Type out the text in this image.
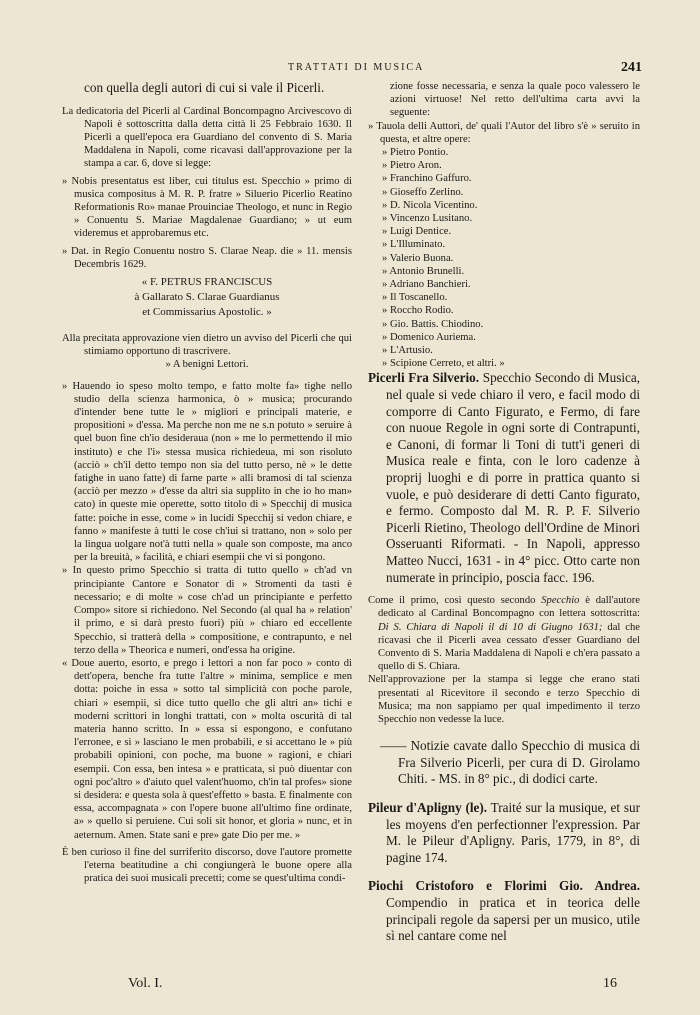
TRATTATI DI MUSICA	241

con quella degli autori di cui si vale il Picerli.

La dedicatoria del Picerli al Cardinal Boncompagno Arcivescovo di Napoli è sottoscritta dalla detta città li 25 Febbraio 1630. Il Picerli a quell'epoca era Guardiano del convento di S. Maria Maddalena in Napoli, come ricavasi dall'approvazione per la stampa a car. 6, dove si legge:

» Nobis presentatus est liber, cui titulus est. Specchio » primo di musica compositus à M. R. P. fratre » Siluerio Picerlio Reatino Reformationis Ro» manae Prouinciae Theologo, et nunc in Regio » Conuentu S. Mariae Magdalenae Guardiano; » ut eum videremus et approbaremus etc.

» Dat. in Regio Conuentu nostro S. Clarae Neap. die » 11. mensis Decembris 1629.

« F. PETRUS FRANCISCUS

à Gallarato S. Clarae Guardianus

et Commissarius Apostolic. »

Alla precitata approvazione vien dietro un avviso del Picerli che qui stimiamo opportuno di trascrivere.

» A benigni Lettori.

» Hauendo io speso molto tempo, e fatto molte fa» tighe nello studio della scienza harmonica, ò » musica; procurando d'intender bene tutte le » migliori e principali materie, e propositioni » d'essa. Ma perche non me ne s.n potuto » seruire à quel buon fine ch'io desideraua (non » me lo permettendo il mio instituto) e che l'i» stessa musica richiedeua, mi son risoluto (acciò » ch'il detto tempo non sia del tutto perso, nè » le dette fatighe in uano fatte) di farne parte » alli bramosi di tal scienza (acciò per mezzo » d'esse da altri sia supplito in che io ho man» cato) in queste mie operette, sotto titolo di » Specchij di musica fatte: poiche in esse, come » in lucidi Specchij si vedon chiare, e fanno » manifeste à tutti le cose ch'iui si trattano, non » solo per la lingua uolgare not'à tutti nella » quale son composte, ma anco per la breuità, » facilità, e chiari esempii che vi si pongono.

» In questo primo Specchio si tratta di tutto quello » ch'ad vn principiante Cantore e Sonator di » Stromenti da tasti è necessario; e di molte » cose ch'ad un principiante e perfetto Compo» sitore si richiedono. Nel Secondo (al qual ha » relation' il primo, e si darà presto fuori) più » chiaro ed eccellente Specchio, si tratterà della » compositione, e contrapunto, e nel terzo della » Theorica e numeri, ond'essa ha origine.

« Doue auerto, esorto, e prego i lettori a non far poco » conto di dett'opera, benche fra tutte l'altre » minima, semplice e men dotta: poiche in essa » sotto tal simplicità con poche parole, chiari » esempii, si dice tutto quello che gli altri an» tichi e moderni scrittori in longhi trattati, con » molta oscurità di tal materia hanno scritto. In » essa si espongono, e confutano l'erronee, e si » lasciano le men probabili, e si accettano le » più probabili opinioni, con poche, ma buone » ragioni, e chiari esempii. Con essa, ben intesa » e pratticata, si può diuentar con ogni poc'altro » d'aiuto quel valent'huomo, ch'in tal profes» sione si desidera: e questa sola à quest'effetto » basta. E finalmente con essa, accompagnata » con l'opere buone all'ultimo fine ordinate, a» » quello si peruiene. Cui soli sit honor, et gloria » nunc, et in aeternum. Amen. State sani e pre» gate Dio per me. »

È ben curioso il fine del surriferito discorso, dove l'autore promette l'eterna beatitudine a chi congiungerà le buone opere alla pratica dei suoi musicali precetti; come se quest'ultima condi-

zione fosse necessaria, e senza la quale poco valessero le azioni virtuose! Nel retto dell'ultima carta avvi la seguente:

» Tauola delli Auttori, de' quali l'Autor del libro s'è » seruito in questa, et altre opere:

» Pietro Pontio.
» Pietro Aron.
» Franchino Gaffuro.
» Gioseffo Zerlino.
» D. Nicola Vicentino.
» Vincenzo Lusitano.
» Luigi Dentice.
» L'Illuminato.
» Valerio Buona.
» Antonio Brunelli.
» Adriano Banchieri.
» Il Toscanello.
» Roccho Rodio.
» Gio. Battis. Chiodino.
» Domenico Auriema.
» L'Artusio.
» Scipione Cerreto, et altri. »

Picerli Fra Silverio. Specchio Secondo di Musica, nel quale si vede chiaro il vero, e facil modo di comporre di Canto Figurato, e Fermo, di fare con nuoue Regole in ogni sorte di Contrapunti, e Canoni, di formar li Toni di tutt'i generi di Musica reale e finta, con le loro cadenze à proprij luoghi e di porre in prattica quanto si vuole, e può desiderare di detti Canto figurato, e fermo. Composto dal M. R. P. F. Silverio Picerli Rietino, Theologo dell'Ordine de Minori Osseruanti Riformati. - In Napoli, appresso Matteo Nucci, 1631 - in 4° picc. Otto carte non numerate in principio, poscia facc. 196.

Come il primo, così questo secondo Specchio è dall'autore dedicato al Cardinal Boncompagno con lettera sottoscritta: Di S. Chiara di Napoli il di 10 di Giugno 1631; dal che ricavasi che il Picerli avea cessato d'esser Guardiano del Convento di S. Maria Maddalena di Napoli e ch'era passato a quello di S. Chiara.

Nell'approvazione per la stampa si legge che erano stati presentati al Ricevitore il secondo e terzo Specchio di Musica; ma non sappiamo per qual impedimento il terzo Specchio non vedesse la luce.

—— Notizie cavate dallo Specchio di musica di Fra Silverio Picerli, per cura di D. Girolamo Chiti. - MS. in 8° pic., di dodici carte.

Pileur d'Apligny (le). Traité sur la musique, et sur les moyens d'en perfectionner l'expression. Par M. le Pileur d'Apligny. Paris, 1779, in 8°, di pagine 174.

Piochi Cristoforo e Florimi Gio. Andrea. Compendio in pratica et in teorica delle principali regole da sapersi per un musico, utile sì nel cantare come nel

Vol. I.	16
